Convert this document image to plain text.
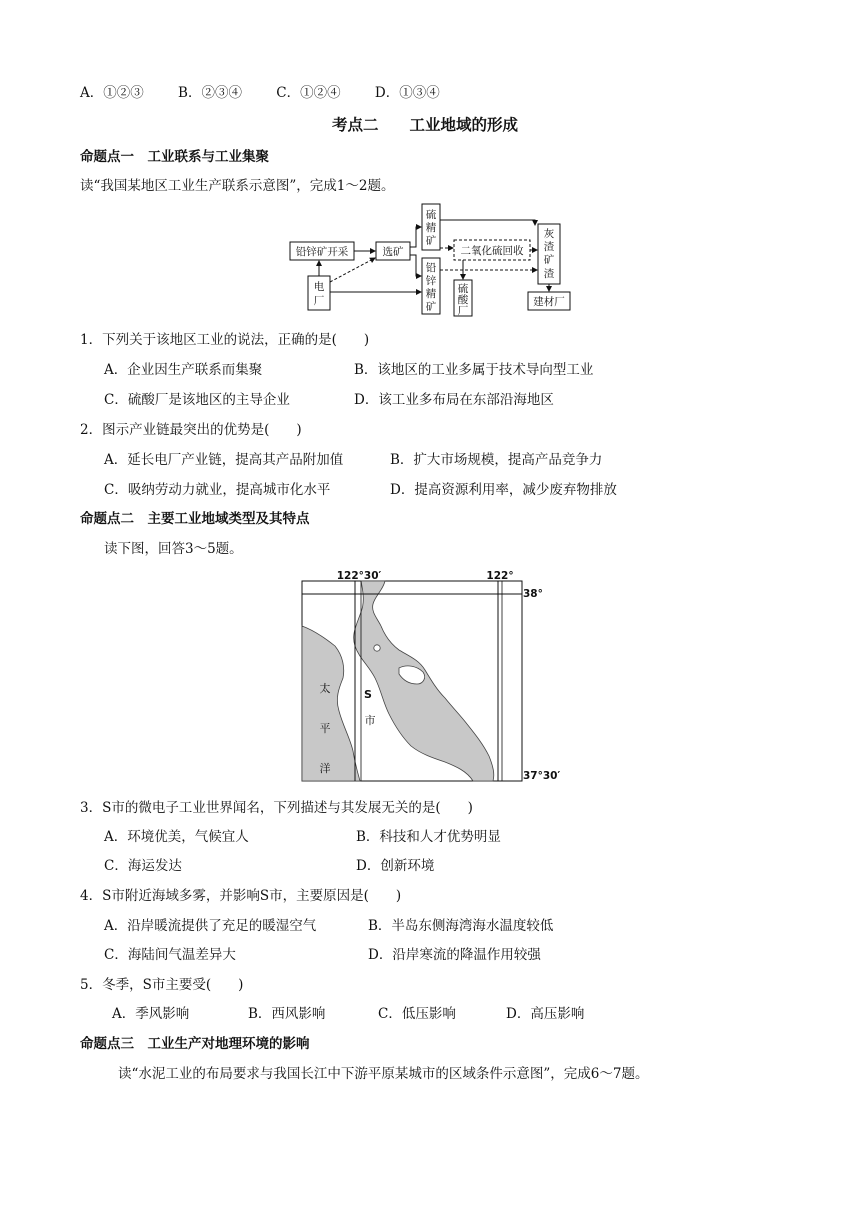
A．①②③	B．②③④	C．①②④	D．①③④
考点二　　工业地域的形成
命题点一　工业联系与工业集聚
读“我国某地区工业生产联系示意图”，完成1～2题。
铅锌矿开采	选矿
电
厂
硫
精
矿
铅
锌
精
矿
二氧化硫回收
硫
酸
厂
灰
渣
矿
渣
建材厂
1．下列关于该地区工业的说法，正确的是(　　)
A．企业因生产联系而集聚	B．该地区的工业多属于技术导向型工业
C．硫酸厂是该地区的主导企业	D．该工业多布局在东部沿海地区
2．图示产业链最突出的优势是(　　)
A．延长电厂产业链，提高其产品附加值	B．扩大市场规模，提高产品竞争力
C．吸纳劳动力就业，提高城市化水平	D．提高资源利用率，减少废弃物排放
命题点二　主要工业地域类型及其特点
读下图，回答3～5题。
122°30′	122°
38°
37°30′
太
平
洋
S
市
3．S市的微电子工业世界闻名，下列描述与其发展无关的是(　　)
A．环境优美，气候宜人	B．科技和人才优势明显
C．海运发达	D．创新环境
4．S市附近海域多雾，并影响S市，主要原因是(　　)
A．沿岸暖流提供了充足的暖湿空气	B．半岛东侧海湾海水温度较低
C．海陆间气温差异大	D．沿岸寒流的降温作用较强
5．冬季，S市主要受(　　)
A．季风影响	B．西风影响	C．低压影响	D．高压影响
命题点三　工业生产对地理环境的影响
读“水泥工业的布局要求与我国长江中下游平原某城市的区域条件示意图”，完成6～7题。
